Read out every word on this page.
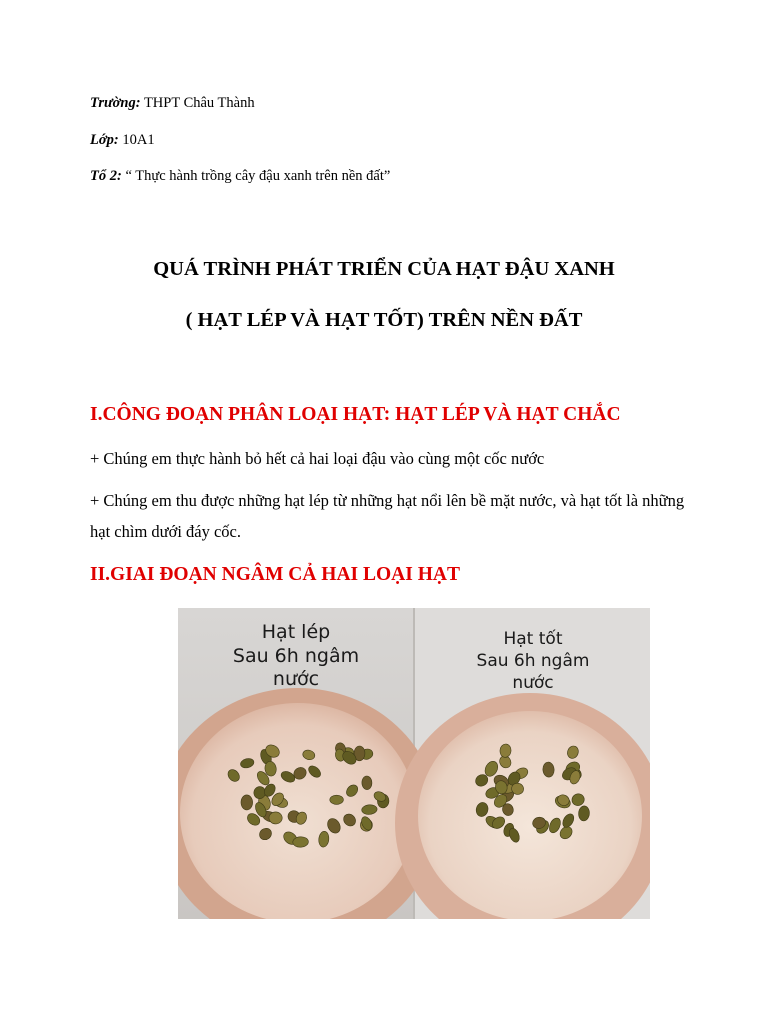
Trường: THPT Châu Thành
Lớp: 10A1
Tổ 2: “ Thực hành trồng cây đậu xanh trên nền đất”
QUÁ TRÌNH PHÁT TRIỂN CỦA HẠT ĐẬU XANH
( HẠT LÉP VÀ HẠT TỐT) TRÊN NỀN ĐẤT
I.CÔNG ĐOẠN PHÂN LOẠI HẠT: HẠT LÉP VÀ HẠT CHẮC
+ Chúng em thực hành bỏ hết cả hai loại đậu vào cùng một cốc nước
+ Chúng em thu được những hạt lép từ những hạt nổi lên bề mặt nước, và hạt tốt là những hạt chìm dưới đáy cốc.
II.GIAI ĐOẠN NGÂM CẢ HAI LOẠI HẠT
Hạt lép
Sau 6h ngâm
nước
Hạt tốt
Sau 6h ngâm
nước
